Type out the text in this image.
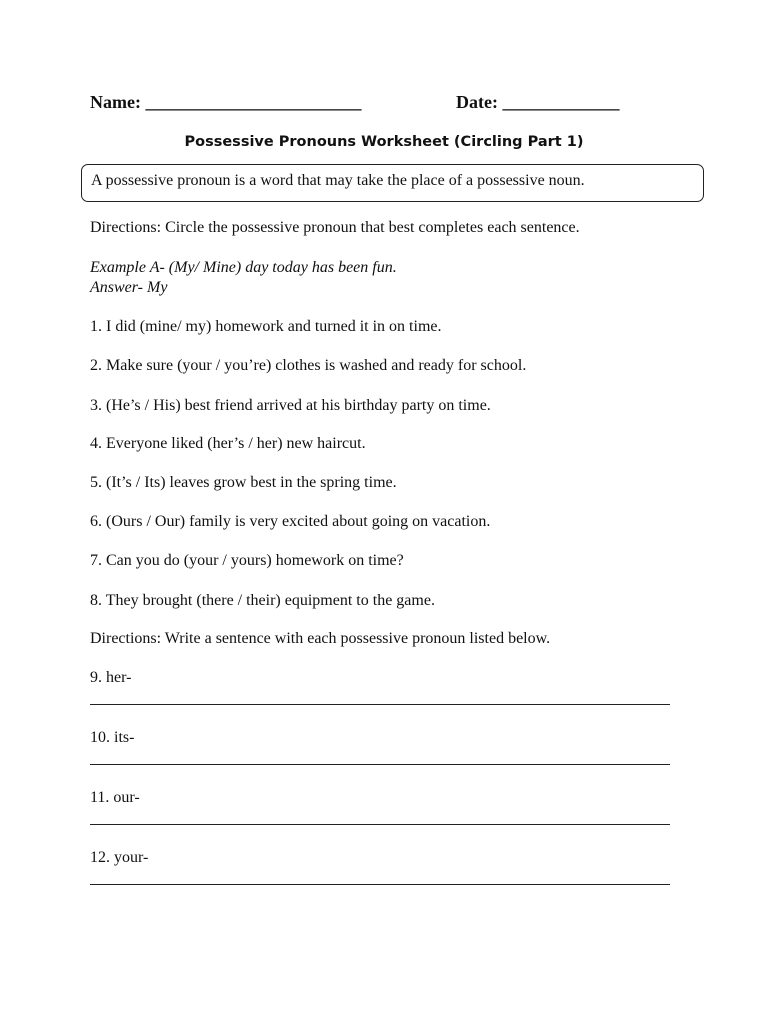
Name: ________________________	Date: _____________
Possessive Pronouns Worksheet (Circling Part 1)
A possessive pronoun is a word that may take the place of a possessive noun.
Directions: Circle the possessive pronoun that best completes each sentence.
Example A- (My/ Mine) day today has been fun.
Answer- My
1. I did (mine/ my) homework and turned it in on time.
2. Make sure (your / you’re) clothes is washed and ready for school.
3. (He’s / His) best friend arrived at his birthday party on time.
4. Everyone liked (her’s / her) new haircut.
5. (It’s / Its) leaves grow best in the spring time.
6. (Ours / Our) family is very excited about going on vacation.
7. Can you do (your / yours) homework on time?
8. They brought (there / their) equipment to the game.
Directions: Write a sentence with each possessive pronoun listed below.
9. her-
10. its-
11. our-
12. your-
